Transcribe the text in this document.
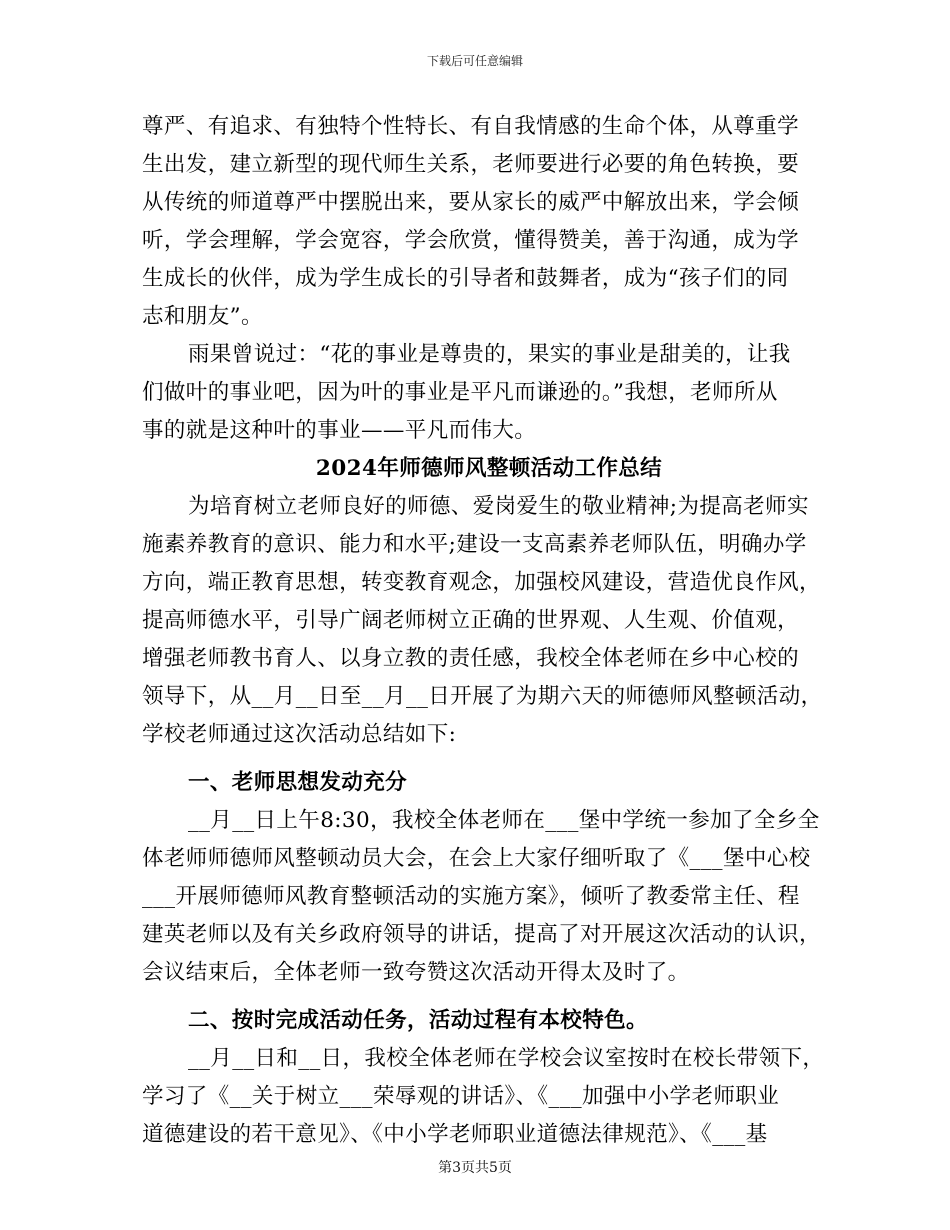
下载后可任意编辑
尊严、有追求、有独特个性特长、有自我情感的生命个体，从尊重学
生出发，建立新型的现代师生关系，老师要进行必要的角色转换，要
从传统的师道尊严中摆脱出来，要从家长的威严中解放出来，学会倾
听，学会理解，学会宽容，学会欣赏，懂得赞美，善于沟通，成为学
生成长的伙伴，成为学生成长的引导者和鼓舞者，成为“孩子们的同
志和朋友”。
雨果曾说过：“花的事业是尊贵的，果实的事业是甜美的，让我
们做叶的事业吧，因为叶的事业是平凡而谦逊的。”我想，老师所从
事的就是这种叶的事业——平凡而伟大。
2024年师德师风整顿活动工作总结
为培育树立老师良好的师德、爱岗爱生的敬业精神;为提高老师实
施素养教育的意识、能力和水平;建设一支高素养老师队伍，明确办学
方向，端正教育思想，转变教育观念，加强校风建设，营造优良作风，
提高师德水平，引导广阔老师树立正确的世界观、人生观、价值观，
增强老师教书育人、以身立教的责任感，我校全体老师在乡中心校的
领导下，从__月__日至__月__日开展了为期六天的师德师风整顿活动，
学校老师通过这次活动总结如下:
一、老师思想发动充分
__月__日上午8:30，我校全体老师在___堡中学统一参加了全乡全
体老师师德师风整顿动员大会，在会上大家仔细听取了《___堡中心校
___开展师德师风教育整顿活动的实施方案》，倾听了教委常主任、程
建英老师以及有关乡政府领导的讲话，提高了对开展这次活动的认识，
会议结束后，全体老师一致夸赞这次活动开得太及时了。
二、按时完成活动任务，活动过程有本校特色。
__月__日和__日，我校全体老师在学校会议室按时在校长带领下，
学习了《__关于树立___荣辱观的讲话》、《___加强中小学老师职业
道德建设的若干意见》、《中小学老师职业道德法律规范》、《___基
第3页共5页
